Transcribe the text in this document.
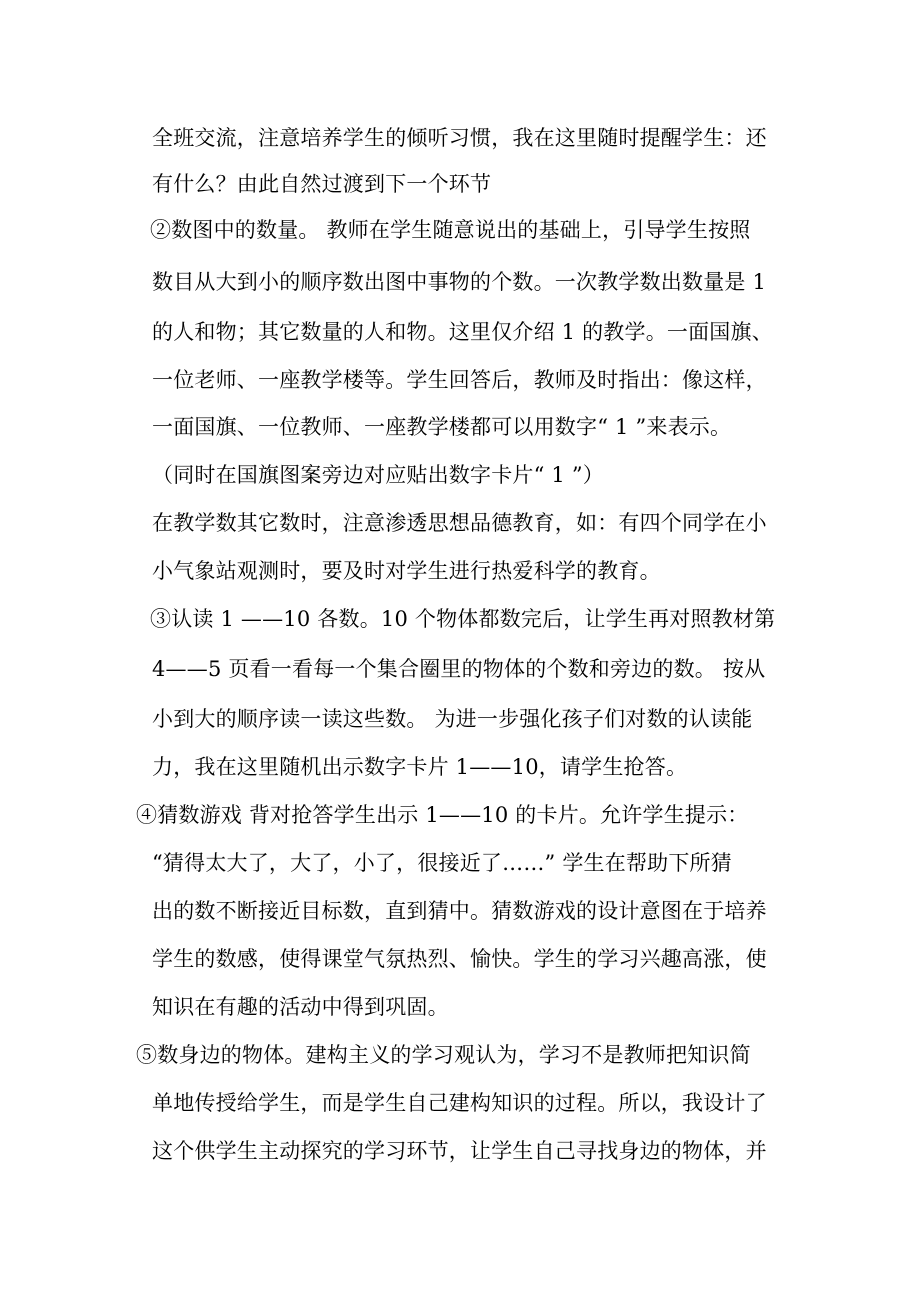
全班交流，注意培养学生的倾听习惯，我在这里随时提醒学生：还
有什么？由此自然过渡到下一个环节
②数图中的数量。 教师在学生随意说出的基础上，引导学生按照
数目从大到小的顺序数出图中事物的个数。一次教学数出数量是 1
的人和物；其它数量的人和物。这里仅介绍 1 的教学。一面国旗、
一位老师、一座教学楼等。学生回答后，教师及时指出：像这样，
一面国旗、一位教师、一座教学楼都可以用数字“ 1 ”来表示。
（同时在国旗图案旁边对应贴出数字卡片“ 1 ”）
在教学数其它数时，注意渗透思想品德教育，如：有四个同学在小
小气象站观测时，要及时对学生进行热爱科学的教育。
③认读 1 ——10 各数。10 个物体都数完后，让学生再对照教材第
4——5 页看一看每一个集合圈里的物体的个数和旁边的数。 按从
小到大的顺序读一读这些数。 为进一步强化孩子们对数的认读能
力，我在这里随机出示数字卡片 1——10，请学生抢答。
④猜数游戏 背对抢答学生出示 1——10 的卡片。允许学生提示：
“猜得太大了，大了，小了，很接近了……” 学生在帮助下所猜
出的数不断接近目标数，直到猜中。猜数游戏的设计意图在于培养
学生的数感，使得课堂气氛热烈、愉快。学生的学习兴趣高涨，使
知识在有趣的活动中得到巩固。
⑤数身边的物体。建构主义的学习观认为，学习不是教师把知识简
单地传授给学生，而是学生自己建构知识的过程。所以，我设计了
这个供学生主动探究的学习环节，让学生自己寻找身边的物体，并
